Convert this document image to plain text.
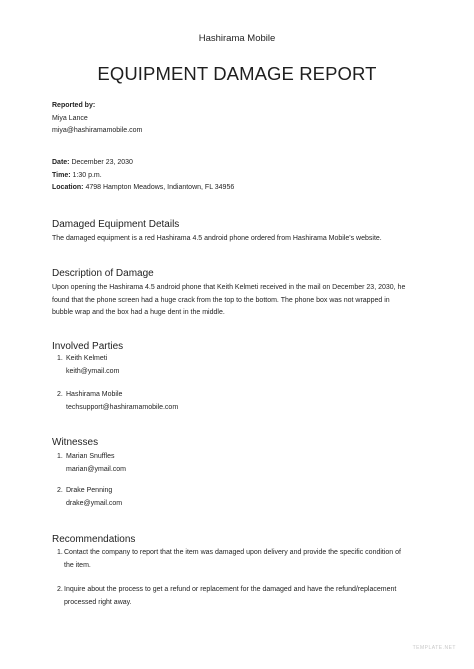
Hashirama Mobile
EQUIPMENT DAMAGE REPORT
Reported by:
Miya Lance
miya@hashiramamobile.com
Date: December 23, 2030
Time: 1:30 p.m.
Location: 4798 Hampton Meadows, Indiantown, FL 34956
Damaged Equipment Details
The damaged equipment is a red Hashirama 4.5 android phone ordered from Hashirama Mobile's website.
Description of Damage
Upon opening the Hashirama 4.5 android phone that Keith Kelmeti received in the mail on December 23, 2030, he
found that the phone screen had a huge crack from the top to the bottom. The phone box was not wrapped in
bubble wrap and the box had a huge dent in the middle.
Involved Parties
1. Keith Kelmeti
keith@ymail.com
2. Hashirama Mobile
techsupport@hashiramamobile.com
Witnesses
1. Marian Snuffles
marian@ymail.com
2. Drake Penning
drake@ymail.com
Recommendations
1. Contact the company to report that the item was damaged upon delivery and provide the specific condition of
the item.
2. Inquire about the process to get a refund or replacement for the damaged and have the refund/replacement
processed right away.
TEMPLATE.NET
